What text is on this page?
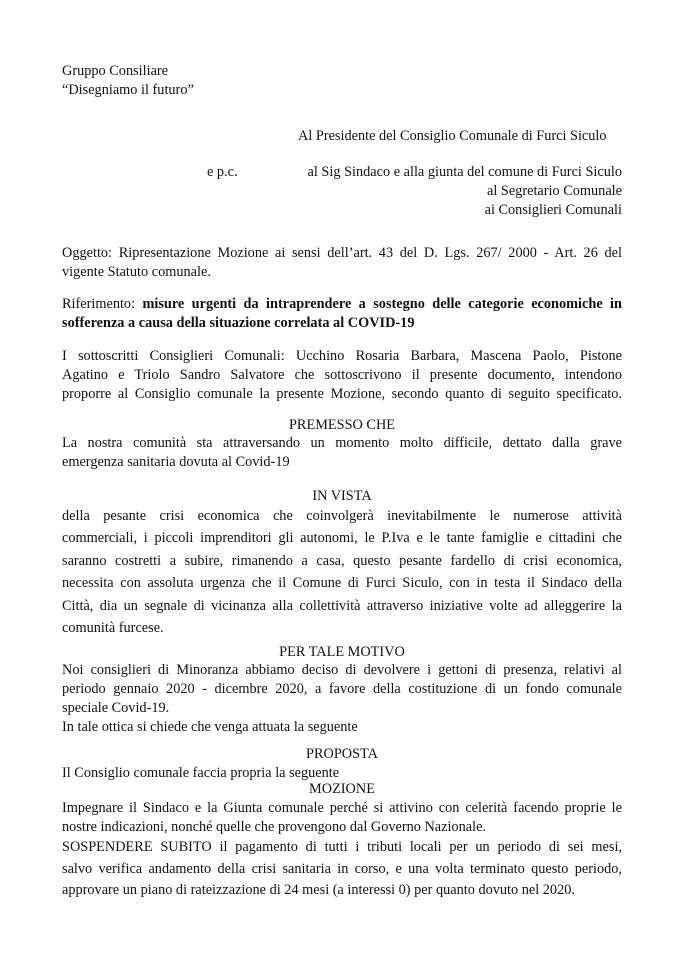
Gruppo Consiliare

“Disegniamo il futuro”

Al Presidente del Consiglio Comunale di Furci Siculo
e p.c.	al Sig Sindaco e alla giunta del comune di Furci Siculo

al Segretario Comunale

ai Consiglieri Comunali

Oggetto: Ripresentazione Mozione ai sensi dell’art. 43 del D. Lgs. 267/ 2000 - Art. 26 del

vigente Statuto comunale.

Riferimento: misure urgenti da intraprendere a sostegno delle categorie economiche in

sofferenza a causa della situazione correlata al COVID-19

I sottoscritti Consiglieri Comunali: Ucchino Rosaria Barbara, Mascena Paolo, Pistone

Agatino e Triolo Sandro Salvatore che sottoscrivono il presente documento, intendono

proporre al Consiglio comunale la presente Mozione, secondo quanto di seguito specificato.

PREMESSO CHE

La nostra comunità sta attraversando un momento molto difficile, dettato dalla grave

emergenza sanitaria dovuta al Covid-19

IN VISTA

della pesante crisi economica che coinvolgerà inevitabilmente le numerose attività

commerciali, i piccoli imprenditori gli autonomi, le P.Iva e le tante famiglie e cittadini che

saranno costretti a subire, rimanendo a casa, questo pesante fardello di crisi economica,

necessita con assoluta urgenza che il Comune di Furci Siculo, con in testa il Sindaco della

Città, dia un segnale di vicinanza alla collettività attraverso iniziative volte ad alleggerire la

comunità furcese.

PER TALE MOTIVO

Noi consiglieri di Minoranza abbiamo deciso di devolvere i gettoni di presenza, relativi al

periodo gennaio 2020 - dicembre 2020, a favore della costituzione di un fondo comunale

speciale Covid-19.

In tale ottica si chiede che venga attuata la seguente

PROPOSTA
Il Consiglio comunale faccia propria la seguente
MOZIONE

Impegnare il Sindaco e la Giunta comunale perché si attivino con celerità facendo proprie le

nostre indicazioni, nonché quelle che provengono dal Governo Nazionale.

SOSPENDERE SUBITO il pagamento di tutti i tributi locali per un periodo di sei mesi,

salvo verifica andamento della crisi sanitaria in corso, e una volta terminato questo periodo,

approvare un piano di rateizzazione di 24 mesi (a interessi 0) per quanto dovuto nel 2020.
